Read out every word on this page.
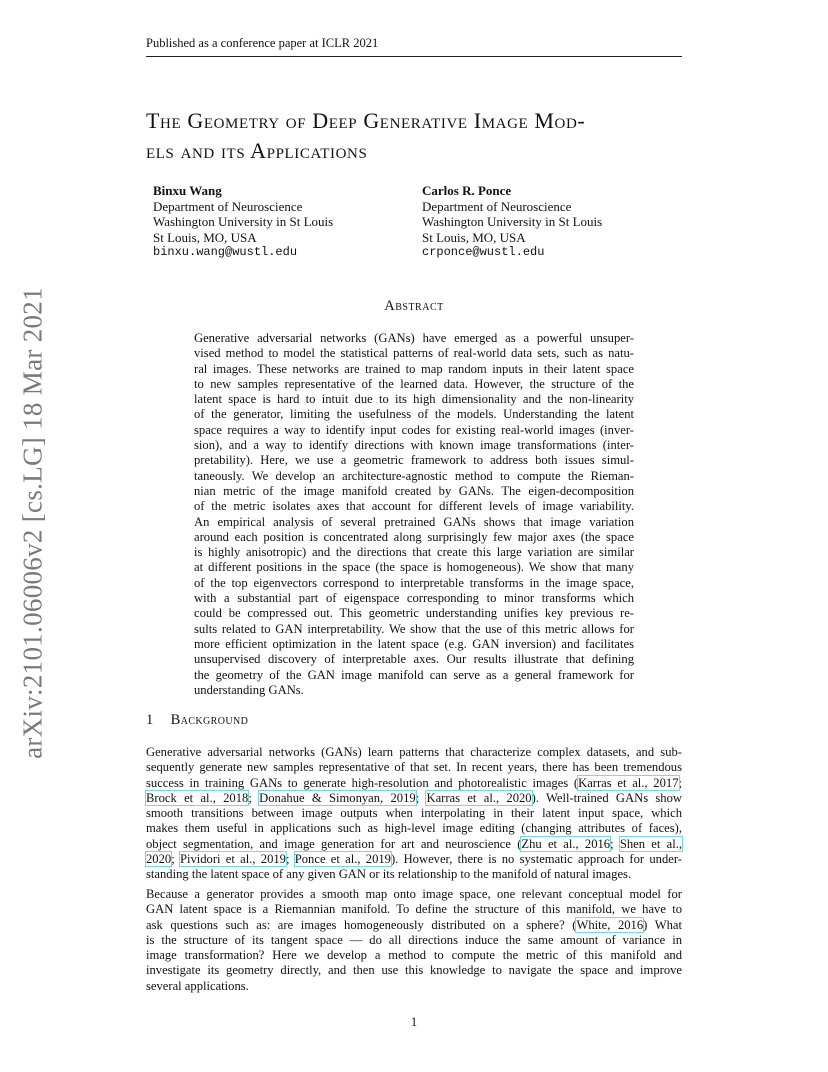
Published as a conference paper at ICLR 2021
arXiv:2101.06006v2 [cs.LG] 18 Mar 2021
The Geometry of Deep Generative Image Mod-
els and its Applications
Binxu Wang
Department of Neuroscience
Washington University in St Louis
St Louis, MO, USA
binxu.wang@wustl.edu
Carlos R. Ponce
Department of Neuroscience
Washington University in St Louis
St Louis, MO, USA
crponce@wustl.edu
Abstract

Generative adversarial networks (GANs) have emerged as a powerful unsuper-
vised method to model the statistical patterns of real-world data sets, such as natu-
ral images. These networks are trained to map random inputs in their latent space
to new samples representative of the learned data. However, the structure of the
latent space is hard to intuit due to its high dimensionality and the non-linearity
of the generator, limiting the usefulness of the models. Understanding the latent
space requires a way to identify input codes for existing real-world images (inver-
sion), and a way to identify directions with known image transformations (inter-
pretability). Here, we use a geometric framework to address both issues simul-
taneously. We develop an architecture-agnostic method to compute the Rieman-
nian metric of the image manifold created by GANs. The eigen-decomposition
of the metric isolates axes that account for different levels of image variability.
An empirical analysis of several pretrained GANs shows that image variation
around each position is concentrated along surprisingly few major axes (the space
is highly anisotropic) and the directions that create this large variation are similar
at different positions in the space (the space is homogeneous). We show that many
of the top eigenvectors correspond to interpretable transforms in the image space,
with a substantial part of eigenspace corresponding to minor transforms which
could be compressed out. This geometric understanding unifies key previous re-
sults related to GAN interpretability. We show that the use of this metric allows for
more efficient optimization in the latent space (e.g. GAN inversion) and facilitates
unsupervised discovery of interpretable axes. Our results illustrate that defining
the geometry of the GAN image manifold can serve as a general framework for
understanding GANs.

1 Background

Generative adversarial networks (GANs) learn patterns that characterize complex datasets, and sub-
sequently generate new samples representative of that set. In recent years, there has been tremendous
success in training GANs to generate high-resolution and photorealistic images (Karras et al., 2017;
Brock et al., 2018; Donahue & Simonyan, 2019; Karras et al., 2020). Well-trained GANs show
smooth transitions between image outputs when interpolating in their latent input space, which
makes them useful in applications such as high-level image editing (changing attributes of faces),
object segmentation, and image generation for art and neuroscience (Zhu et al., 2016; Shen et al.,
2020; Pividori et al., 2019; Ponce et al., 2019). However, there is no systematic approach for under-
standing the latent space of any given GAN or its relationship to the manifold of natural images.

Because a generator provides a smooth map onto image space, one relevant conceptual model for
GAN latent space is a Riemannian manifold. To define the structure of this manifold, we have to
ask questions such as: are images homogeneously distributed on a sphere? (White, 2016) What
is the structure of its tangent space — do all directions induce the same amount of variance in
image transformation? Here we develop a method to compute the metric of this manifold and
investigate its geometry directly, and then use this knowledge to navigate the space and improve
several applications.

1
